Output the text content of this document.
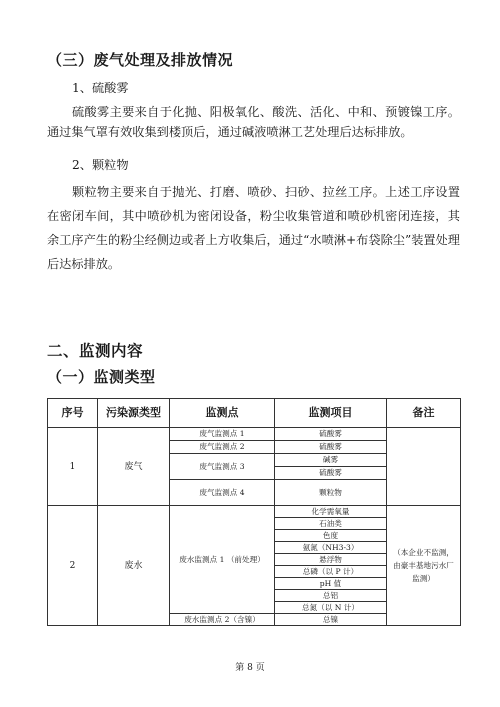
（三）废气处理及排放情况
1、硫酸雾
硫酸雾主要来自于化抛、阳极氧化、酸洗、活化、中和、预镀镍工序。通过集气罩有效收集到楼顶后，通过碱液喷淋工艺处理后达标排放。
2、颗粒物
颗粒物主要来自于抛光、打磨、喷砂、扫砂、拉丝工序。上述工序设置在密闭车间，其中喷砂机为密闭设备，粉尘收集管道和喷砂机密闭连接，其余工序产生的粉尘经侧边或者上方收集后，通过“水喷淋+布袋除尘”装置处理后达标排放。
二、监测内容
（一）监测类型
序号	污染源类型	监测点	监测项目	备注
1	废气	废气监测点 1	硫酸雾	
		废气监测点 2	硫酸雾	
		废气监测点 3	碱雾	
			硫酸雾	
		废气监测点 4	颗粒物	

2	废水	废水监测点 1 （前处理）	化学需氧量	（本企业不监测，由豪丰基地污水厂监测）
			石油类	
			色度	
			氨氮（NH3-3）	
			悬浮物	
			总磷（以 P 计）	
			pH 值	
			总铝	
			总氮（以 N 计）	
		废水监测点 2（含镍）	总镍	
第 8 页
